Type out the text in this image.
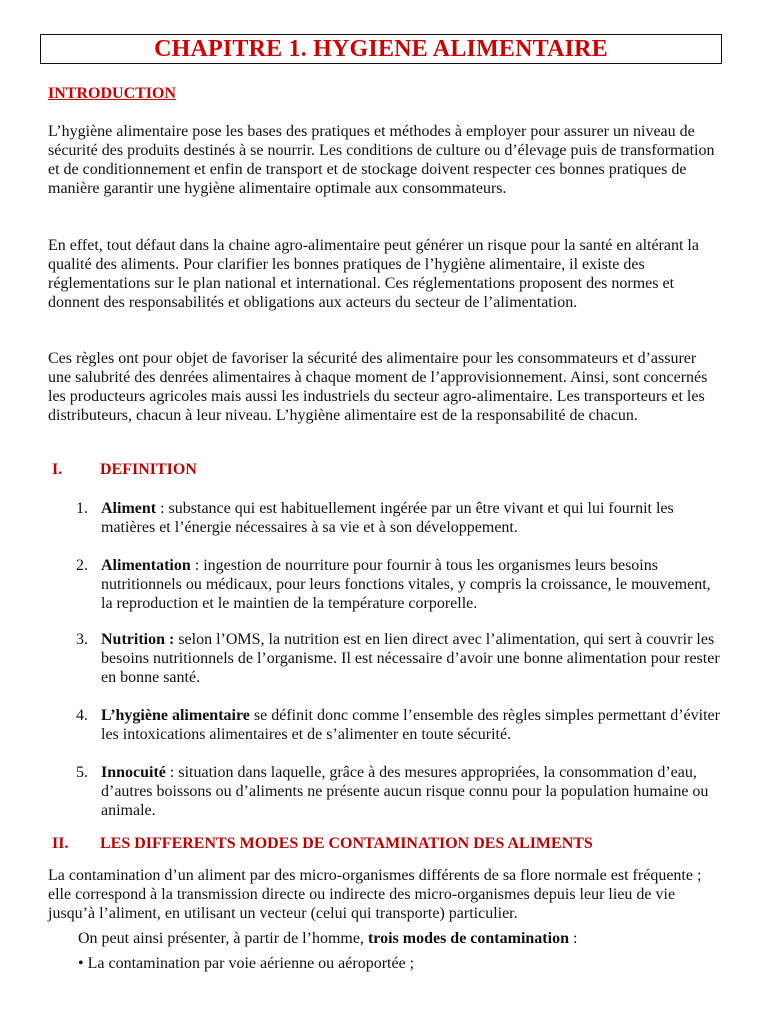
CHAPITRE 1. HYGIENE ALIMENTAIRE
INTRODUCTION

L’hygiène alimentaire pose les bases des pratiques et méthodes à employer pour assurer un niveau de sécurité des produits destinés à se nourrir. Les conditions de culture ou d’élevage puis de transformation et de conditionnement et enfin de transport et de stockage doivent respecter ces bonnes pratiques de manière garantir une hygiène alimentaire optimale aux consommateurs.

En effet, tout défaut dans la chaine agro-alimentaire peut générer un risque pour la santé en altérant la qualité des aliments. Pour clarifier les bonnes pratiques de l’hygiène alimentaire, il existe des réglementations sur le plan national et international. Ces réglementations proposent des normes et donnent des responsabilités et obligations aux acteurs du secteur de l’alimentation.

Ces règles ont pour objet de favoriser la sécurité des alimentaire pour les consommateurs et d’assurer une salubrité des denrées alimentaires à chaque moment de l’approvisionnement. Ainsi, sont concernés les producteurs agricoles mais aussi les industriels du secteur agro-alimentaire. Les transporteurs et les distributeurs, chacun à leur niveau. L’hygiène alimentaire est de la responsabilité de chacun.

I. DEFINITION
1. Aliment : substance qui est habituellement ingérée par un être vivant et qui lui fournit les matières et l’énergie nécessaires à sa vie et à son développement.
2. Alimentation : ingestion de nourriture pour fournir à tous les organismes leurs besoins nutritionnels ou médicaux, pour leurs fonctions vitales, y compris la croissance, le mouvement, la reproduction et le maintien de la température corporelle.
3. Nutrition : selon l’OMS, la nutrition est en lien direct avec l’alimentation, qui sert à couvrir les besoins nutritionnels de l’organisme. Il est nécessaire d’avoir une bonne alimentation pour rester en bonne santé.
4. L’hygiène alimentaire se définit donc comme l’ensemble des règles simples permettant d’éviter les intoxications alimentaires et de s’alimenter en toute sécurité.
5. Innocuité : situation dans laquelle, grâce à des mesures appropriées, la consommation d’eau, d’autres boissons ou d’aliments ne présente aucun risque connu pour la population humaine ou animale.
II. LES DIFFERENTS MODES DE CONTAMINATION DES ALIMENTS

La contamination d’un aliment par des micro-organismes différents de sa flore normale est fréquente ; elle correspond à la transmission directe ou indirecte des micro-organismes depuis leur lieu de vie jusqu’à l’aliment, en utilisant un vecteur (celui qui transporte) particulier.

On peut ainsi présenter, à partir de l’homme, trois modes de contamination :
• La contamination par voie aérienne ou aéroportée ;
